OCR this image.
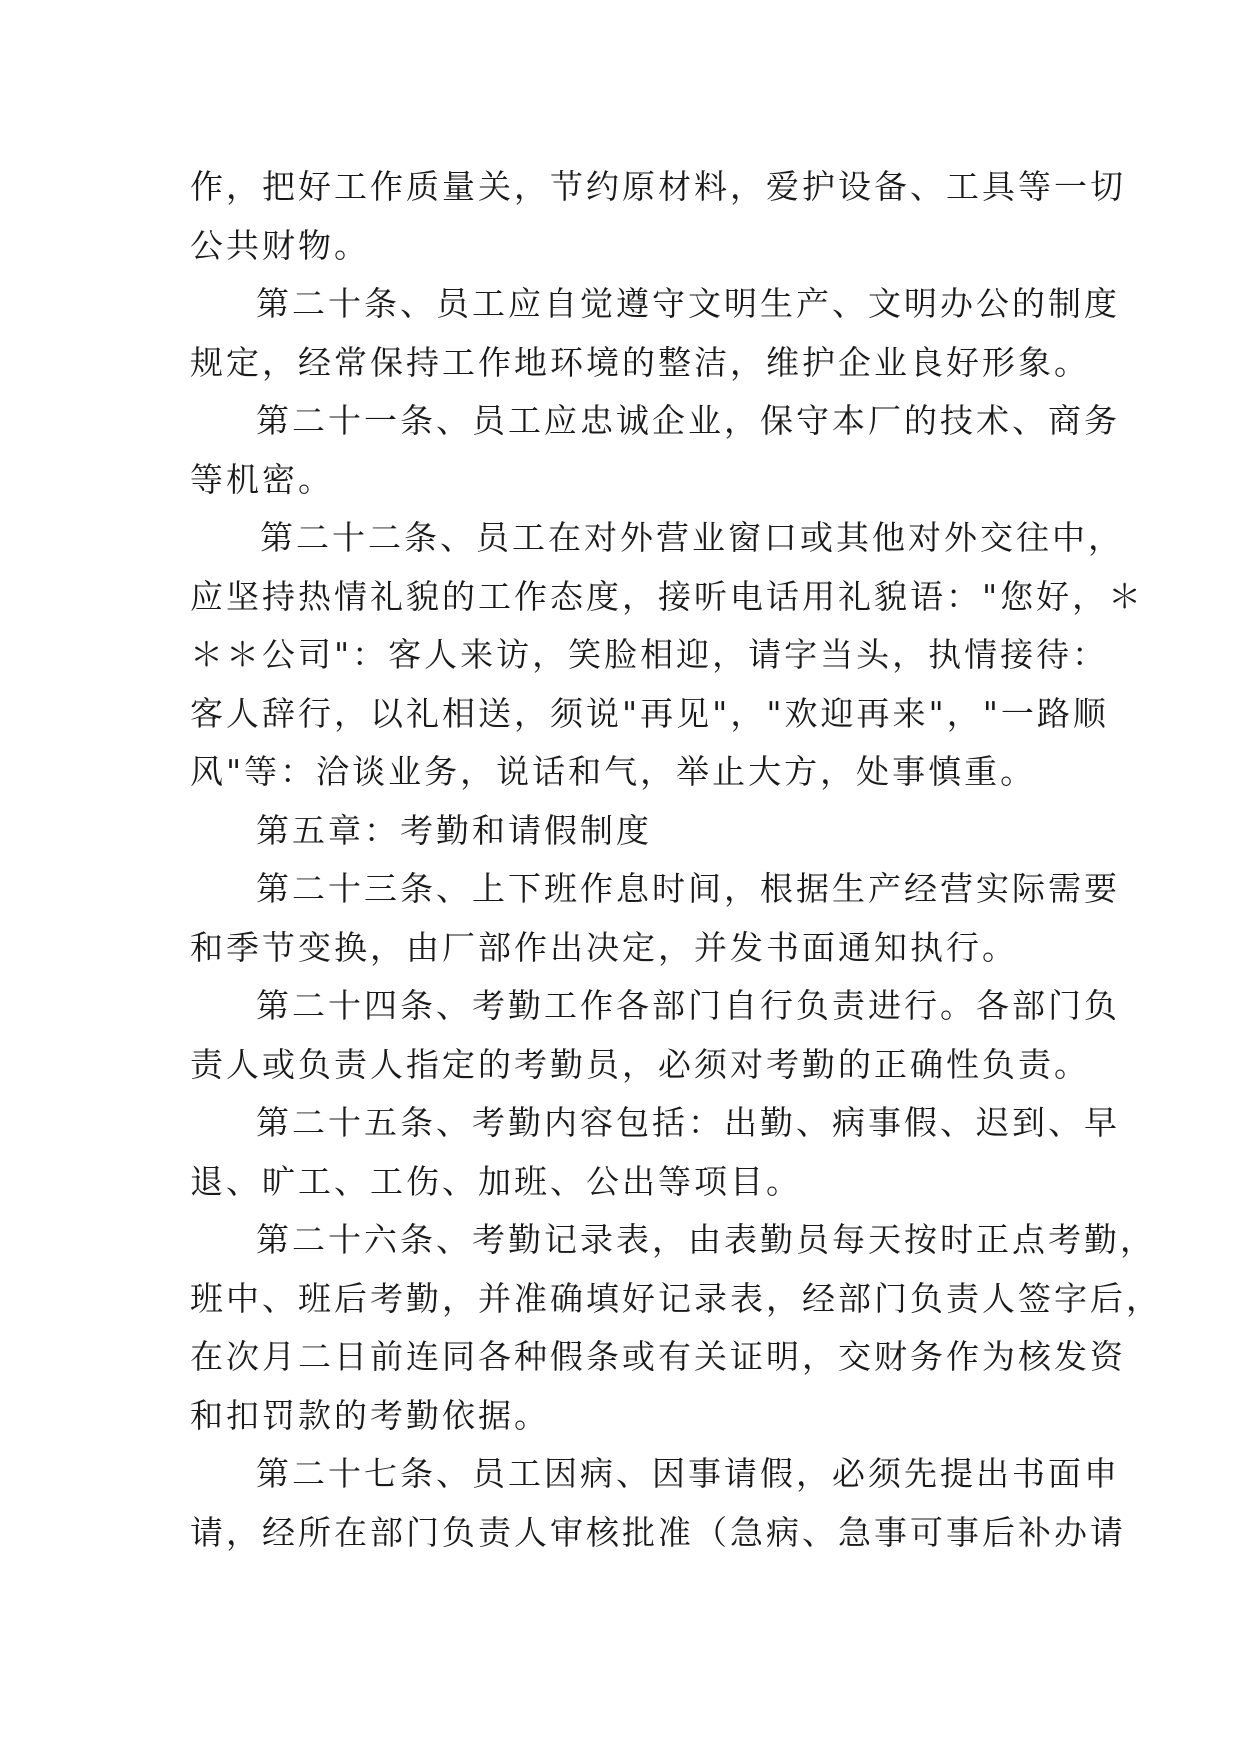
作，把好工作质量关，节约原材料，爱护设备、工具等一切
公共财物。
第二十条、员工应自觉遵守文明生产、文明办公的制度
规定，经常保持工作地环境的整洁，维护企业良好形象。
第二十一条、员工应忠诚企业，保守本厂的技术、商务
等机密。
第二十二条、员工在对外营业窗口或其他对外交往中，
应坚持热情礼貌的工作态度，接听电话用礼貌语："您好，＊
＊＊公司"：客人来访，笑脸相迎，请字当头，执情接待：
客人辞行，以礼相送，须说"再见"，"欢迎再来"，"一路顺
风"等：洽谈业务，说话和气，举止大方，处事慎重。
第五章：考勤和请假制度
第二十三条、上下班作息时间，根据生产经营实际需要
和季节变换，由厂部作出决定，并发书面通知执行。
第二十四条、考勤工作各部门自行负责进行。各部门负
责人或负责人指定的考勤员，必须对考勤的正确性负责。
第二十五条、考勤内容包括：出勤、病事假、迟到、早
退、旷工、工伤、加班、公出等项目。
第二十六条、考勤记录表，由表勤员每天按时正点考勤，
班中、班后考勤，并准确填好记录表，经部门负责人签字后，
在次月二日前连同各种假条或有关证明，交财务作为核发资
和扣罚款的考勤依据。
第二十七条、员工因病、因事请假，必须先提出书面申
请，经所在部门负责人审核批准（急病、急事可事后补办请
